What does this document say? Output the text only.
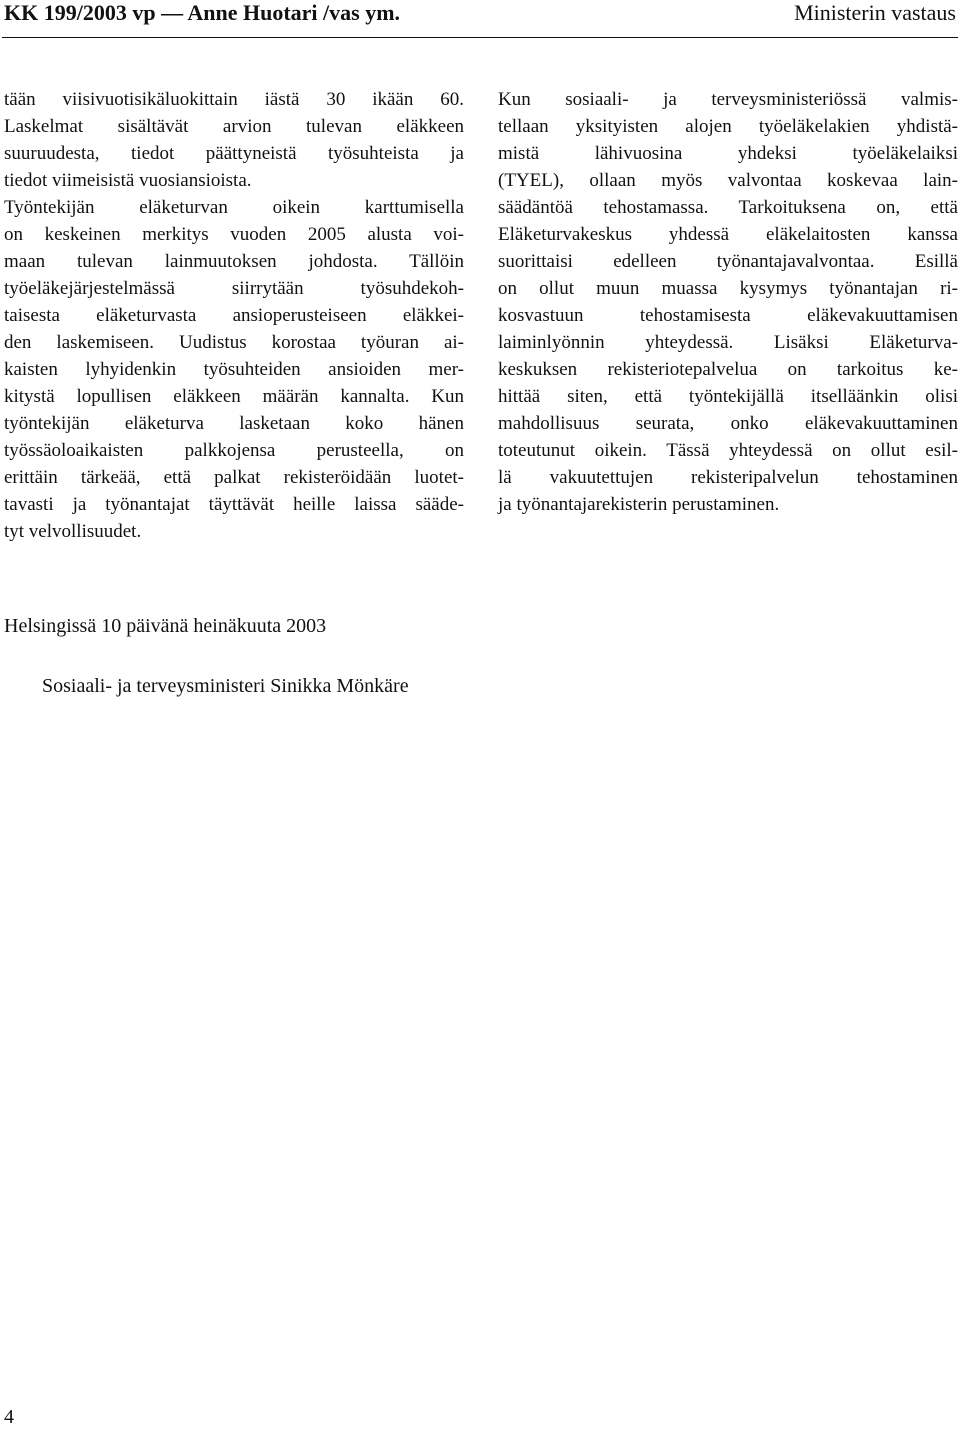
KK 199/2003 vp — Anne Huotari /vas ym.	Ministerin vastaus
tään viisivuotisikäluokittain iästä 30 ikään 60.
Laskelmat sisältävät arvion tulevan eläkkeen
suuruudesta, tiedot päättyneistä työsuhteista ja
tiedot viimeisistä vuosiansioista.
Työntekijän eläketurvan oikein karttumisella
on keskeinen merkitys vuoden 2005 alusta voi-
maan tulevan lainmuutoksen johdosta. Tällöin
työeläkejärjestelmässä siirrytään työsuhdekoh-
taisesta eläketurvasta ansioperusteiseen eläkkei-
den laskemiseen. Uudistus korostaa työuran ai-
kaisten lyhyidenkin työsuhteiden ansioiden mer-
kitystä lopullisen eläkkeen määrän kannalta. Kun
työntekijän eläketurva lasketaan koko hänen
työssäoloaikaisten palkkojensa perusteella, on
erittäin tärkeää, että palkat rekisteröidään luotet-
tavasti ja työnantajat täyttävät heille laissa sääde-
tyt velvollisuudet.
Kun sosiaali- ja terveysministeriössä valmis-
tellaan yksityisten alojen työeläkelakien yhdistä-
mistä lähivuosina yhdeksi työeläkelaiksi
(TYEL), ollaan myös valvontaa koskevaa lain-
säädäntöä tehostamassa. Tarkoituksena on, että
Eläketurvakeskus yhdessä eläkelaitosten kanssa
suorittaisi edelleen työnantajavalvontaa. Esillä
on ollut muun muassa kysymys työnantajan ri-
kosvastuun tehostamisesta eläkevakuuttamisen
laiminlyönnin yhteydessä. Lisäksi Eläketurva-
keskuksen rekisteriotepalvelua on tarkoitus ke-
hittää siten, että työntekijällä itselläänkin olisi
mahdollisuus seurata, onko eläkevakuuttaminen
toteutunut oikein. Tässä yhteydessä on ollut esil-
lä vakuutettujen rekisteripalvelun tehostaminen
ja työnantajarekisterin perustaminen.
Helsingissä 10 päivänä heinäkuuta 2003
Sosiaali- ja terveysministeri Sinikka Mönkäre
4
